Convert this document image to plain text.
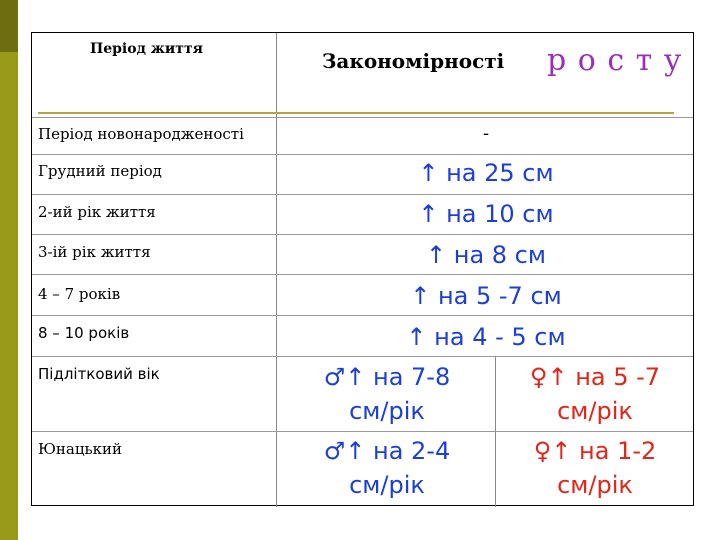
Період життя	Закономірності р о с т у
Період новонародженості
Грудний період
2-ий рік життя
3-ій рік життя
4 – 7 років
8 – 10 років
Підлітковий вік
Юнацький
-
↑ на 25 см
↑ на 10 см
↑ на 8 см
↑ на 5 -7 см
↑ на 4 - 5 см
♂↑ на 7-8
см/рік
♀↑ на 5 -7
см/рік
♂↑ на 2-4
см/рік
♀↑ на 1-2
см/рік
